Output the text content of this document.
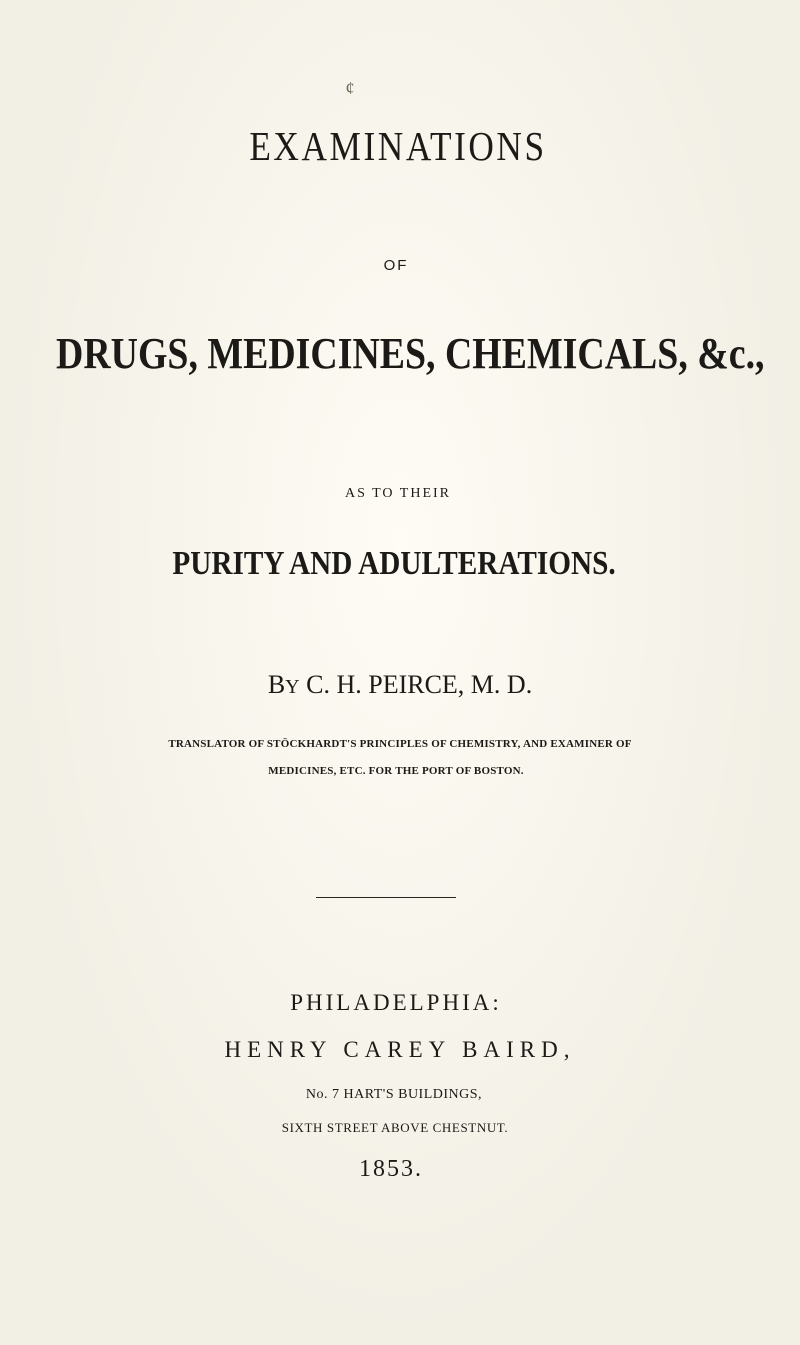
¢
EXAMINATIONS
OF
DRUGS, MEDICINES, CHEMICALS, &c.,
AS TO THEIR
PURITY AND ADULTERATIONS.
BY C. H. PEIRCE, M. D.
TRANSLATOR OF STÖCKHARDT'S PRINCIPLES OF CHEMISTRY, AND EXAMINER OF
MEDICINES, ETC. FOR THE PORT OF BOSTON.
PHILADELPHIA:
HENRY CAREY BAIRD,
No. 7 HART'S BUILDINGS,
SIXTH STREET ABOVE CHESTNUT.
1853.
